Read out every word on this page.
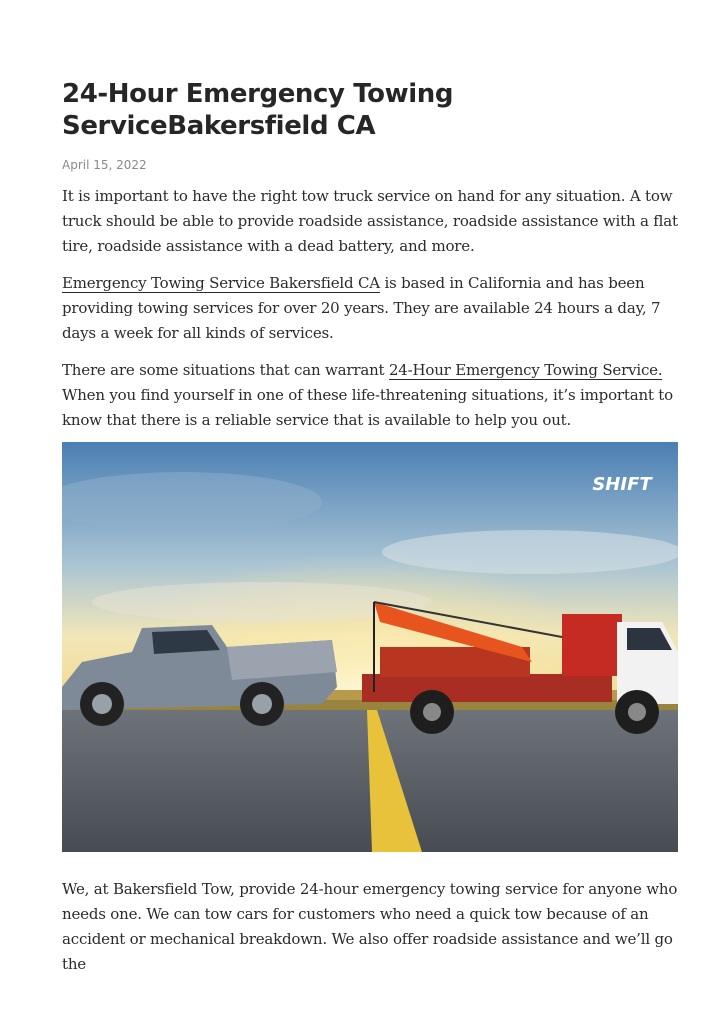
24-Hour Emergency Towing ServiceBakersfield CA
April 15, 2022

It is important to have the right tow truck service on hand for any situation. A tow truck should be able to provide roadside assistance, roadside assistance with a flat tire, roadside assistance with a dead battery, and more.

Emergency Towing Service Bakersfield CA is based in California and has been providing towing services for over 20 years. They are available 24 hours a day, 7 days a week for all kinds of services.

There are some situations that can warrant 24-Hour Emergency Towing Service. When you find yourself in one of these life-threatening situations, it’s important to know that there is a reliable service that is available to help you out.

SHIFT

We, at Bakersfield Tow, provide 24-hour emergency towing service for anyone who needs one. We can tow cars for customers who need a quick tow because of an accident or mechanical breakdown. We also offer roadside assistance and we’ll go the
